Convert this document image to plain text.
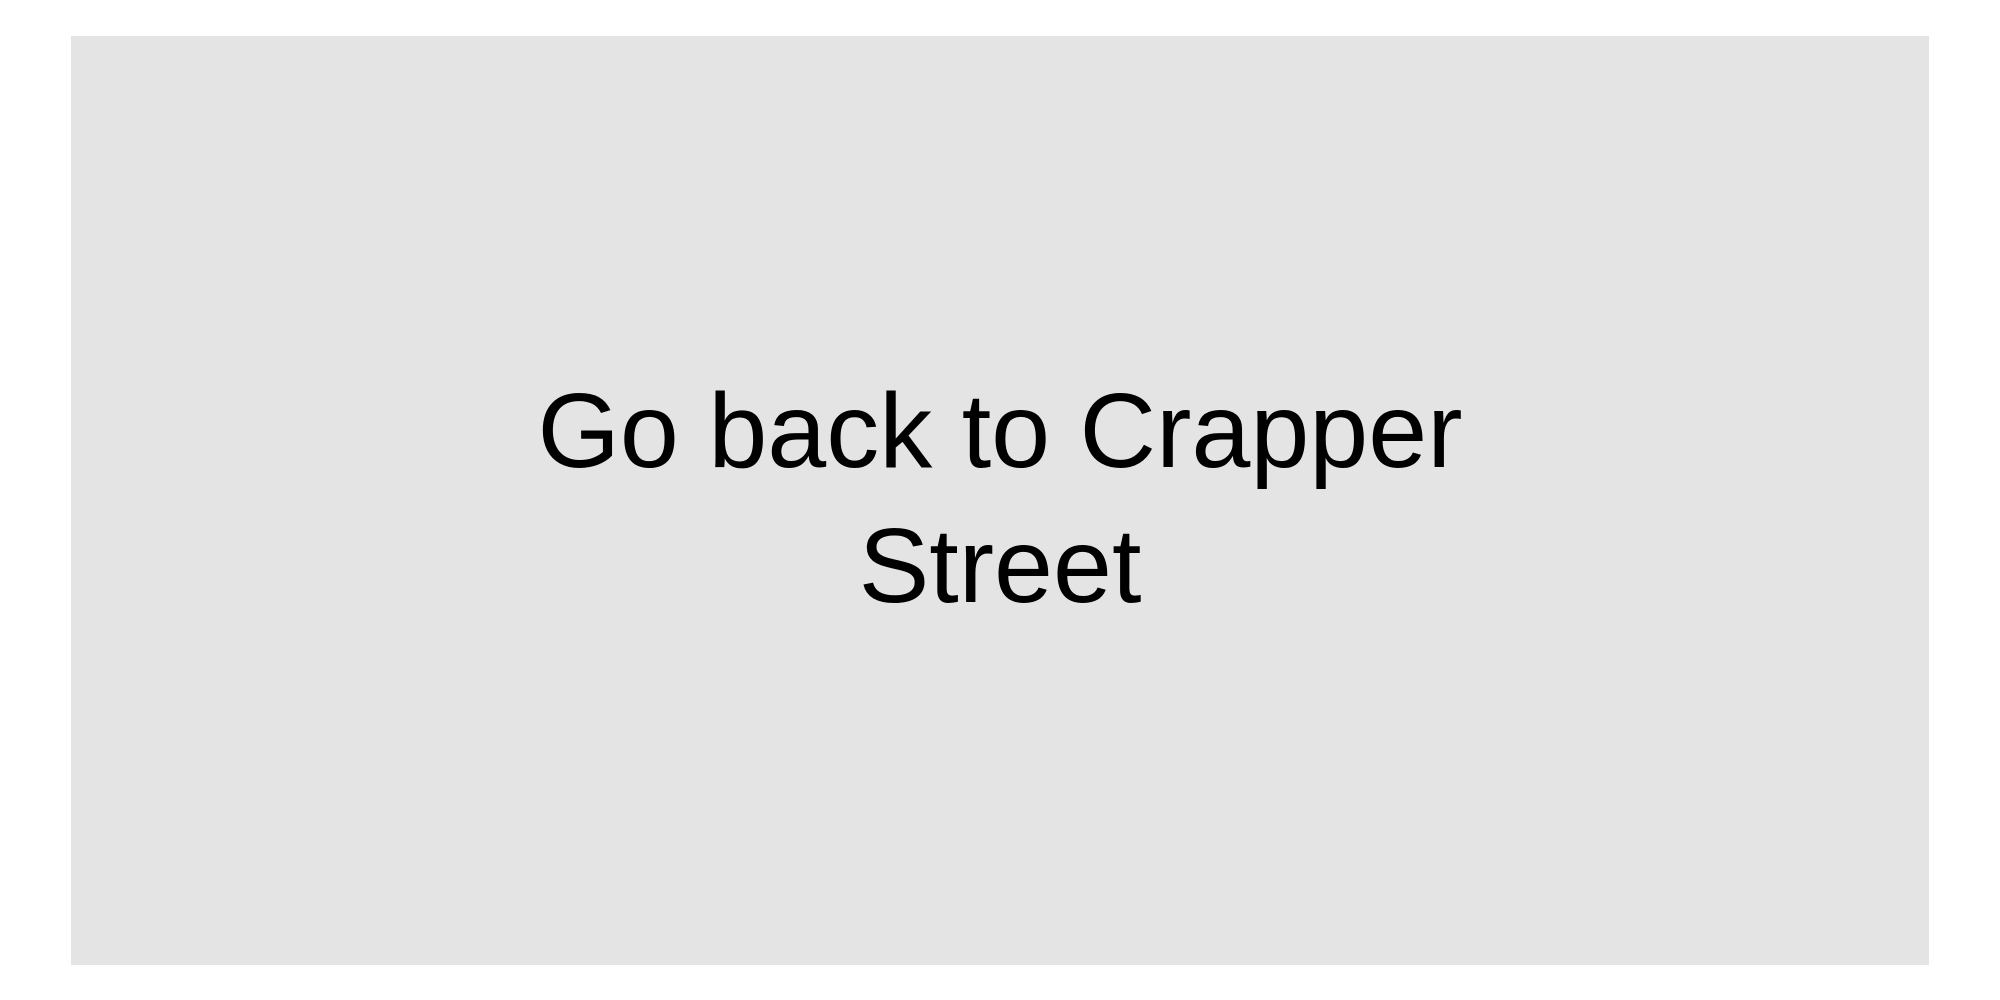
Go back to Crapper Street
